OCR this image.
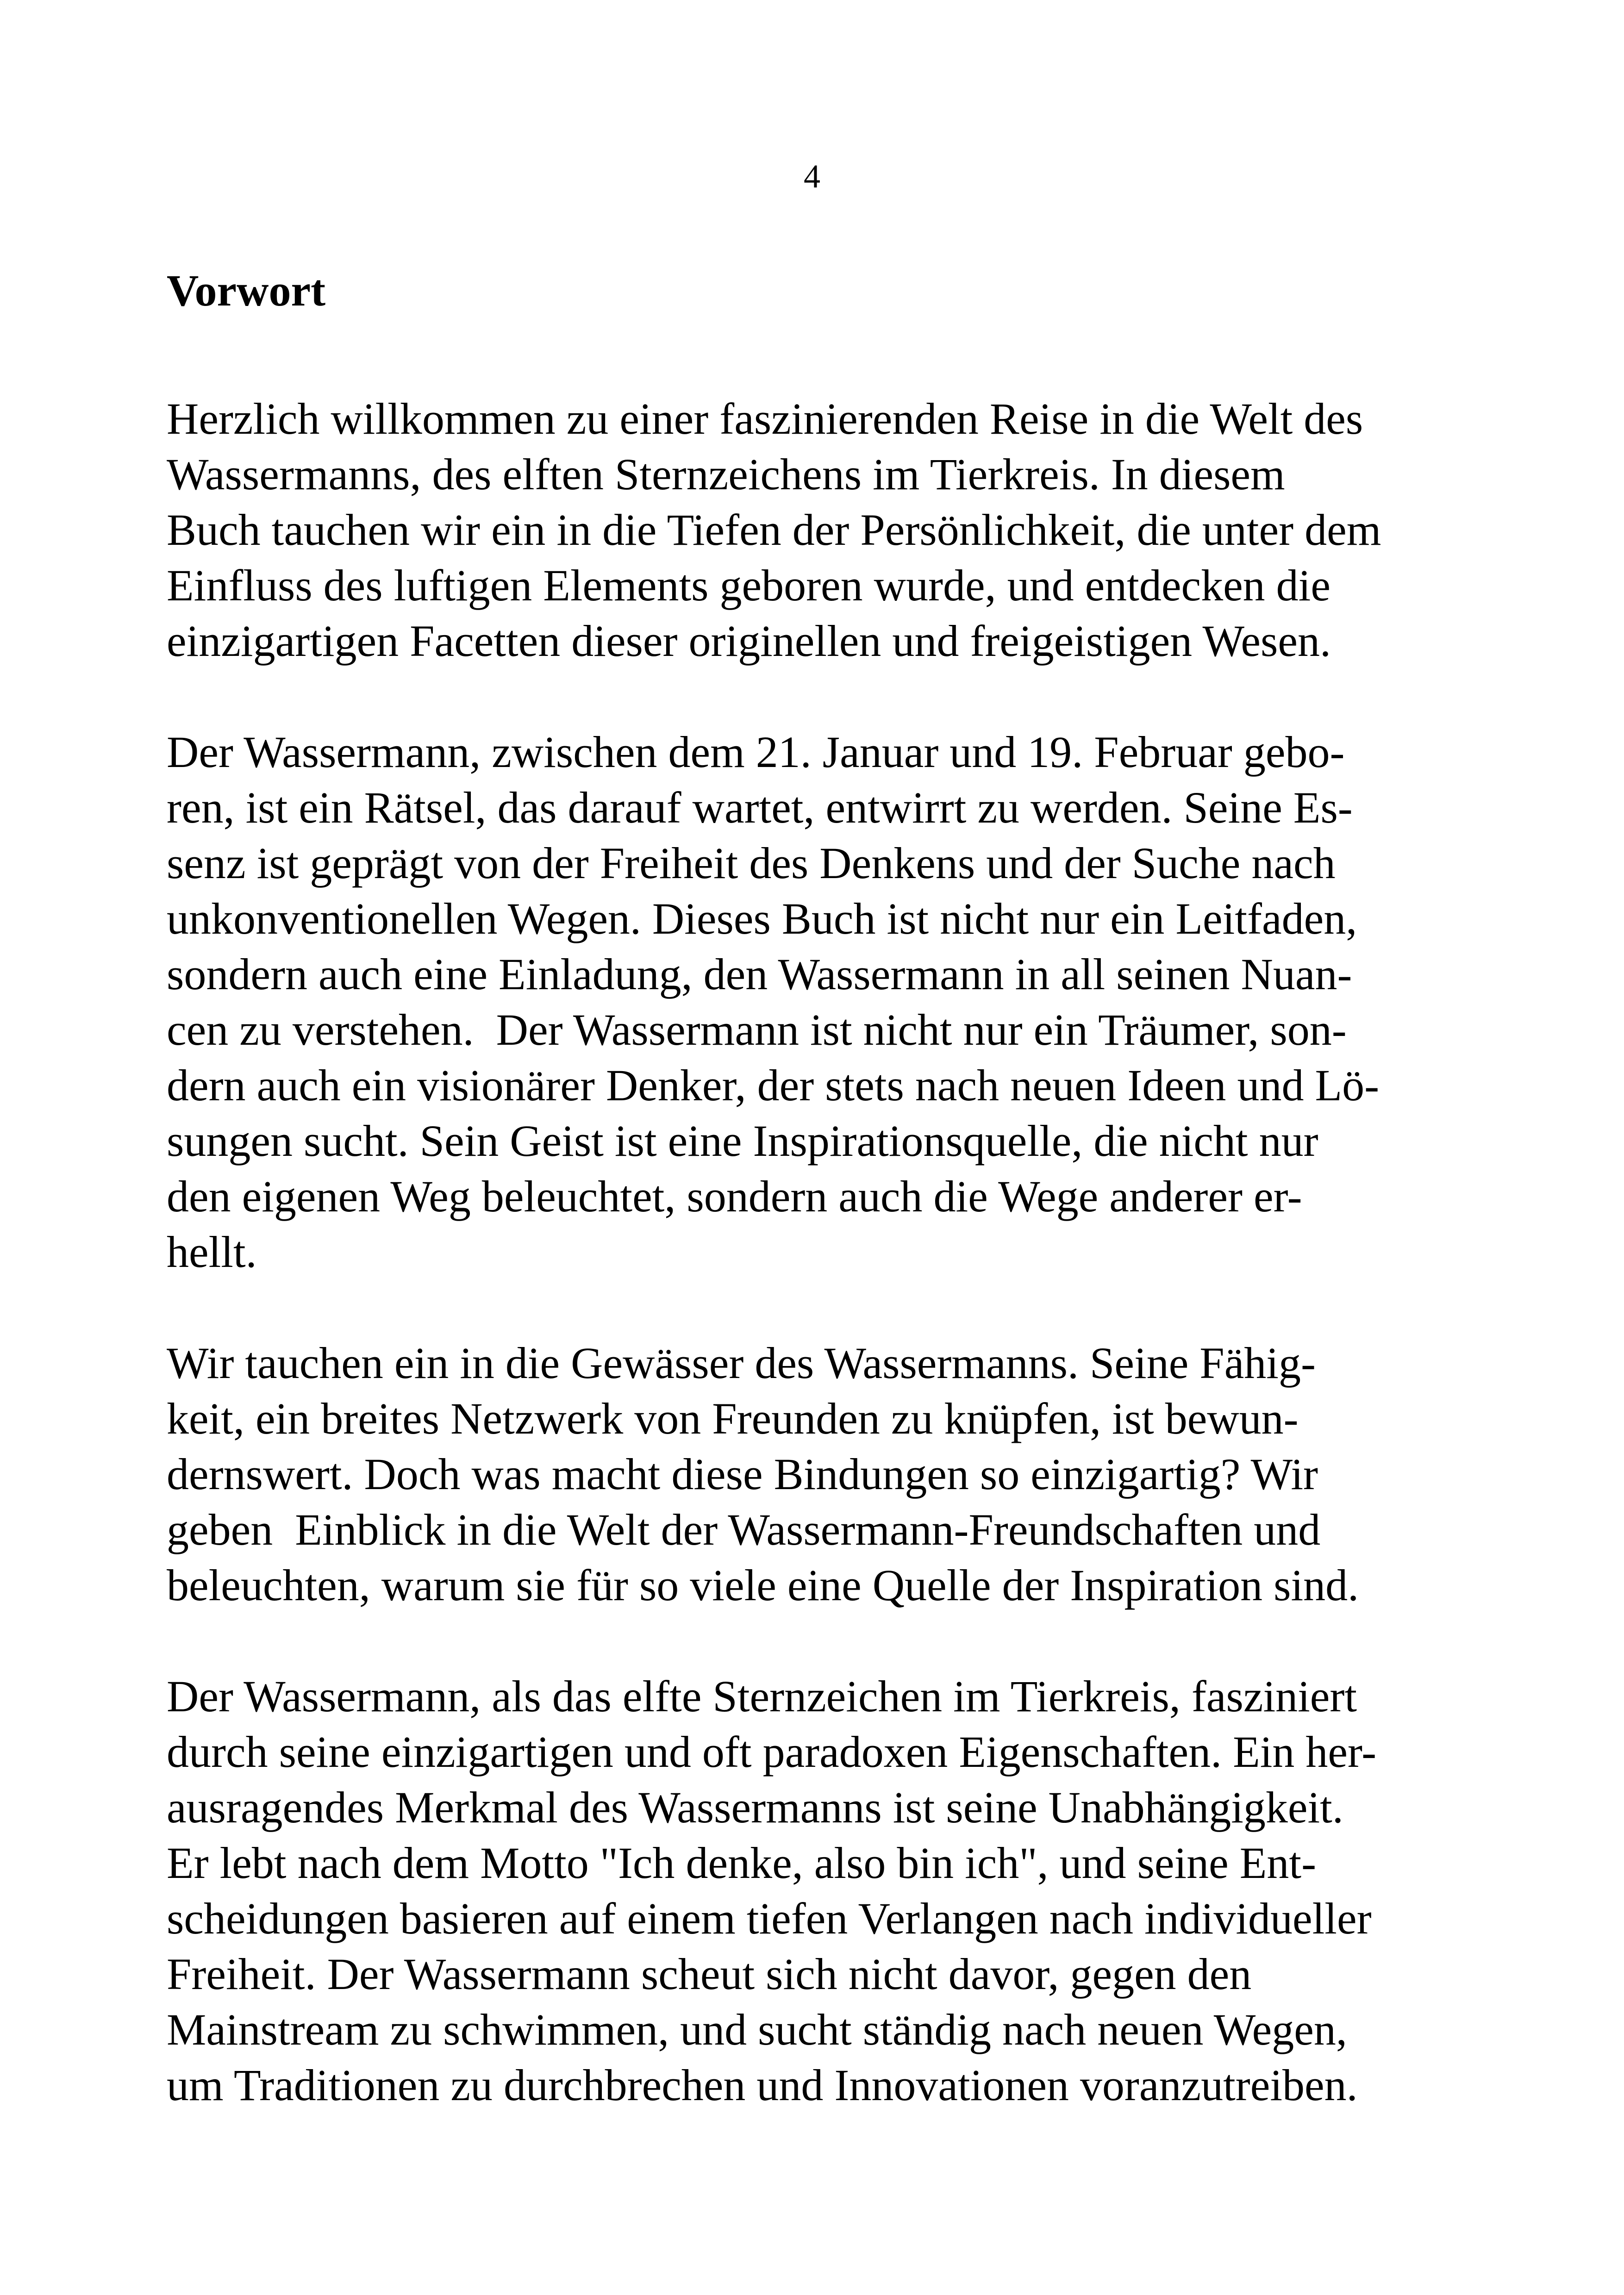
4
Vorwort
Herzlich willkommen zu einer faszinierenden Reise in die Welt des
Wassermanns, des elften Sternzeichens im Tierkreis. In diesem
Buch tauchen wir ein in die Tiefen der Persönlichkeit, die unter dem
Einfluss des luftigen Elements geboren wurde, und entdecken die
einzigartigen Facetten dieser originellen und freigeistigen Wesen.
Der Wassermann, zwischen dem 21. Januar und 19. Februar gebo-
ren, ist ein Rätsel, das darauf wartet, entwirrt zu werden. Seine Es-
senz ist geprägt von der Freiheit des Denkens und der Suche nach
unkonventionellen Wegen. Dieses Buch ist nicht nur ein Leitfaden,
sondern auch eine Einladung, den Wassermann in all seinen Nuan-
cen zu verstehen.  Der Wassermann ist nicht nur ein Träumer, son-
dern auch ein visionärer Denker, der stets nach neuen Ideen und Lö-
sungen sucht. Sein Geist ist eine Inspirationsquelle, die nicht nur
den eigenen Weg beleuchtet, sondern auch die Wege anderer er-
hellt.
Wir tauchen ein in die Gewässer des Wassermanns. Seine Fähig-
keit, ein breites Netzwerk von Freunden zu knüpfen, ist bewun-
dernswert. Doch was macht diese Bindungen so einzigartig? Wir
geben  Einblick in die Welt der Wassermann-Freundschaften und
beleuchten, warum sie für so viele eine Quelle der Inspiration sind.
Der Wassermann, als das elfte Sternzeichen im Tierkreis, fasziniert
durch seine einzigartigen und oft paradoxen Eigenschaften. Ein her-
ausragendes Merkmal des Wassermanns ist seine Unabhängigkeit.
Er lebt nach dem Motto "Ich denke, also bin ich", und seine Ent-
scheidungen basieren auf einem tiefen Verlangen nach individueller
Freiheit. Der Wassermann scheut sich nicht davor, gegen den
Mainstream zu schwimmen, und sucht ständig nach neuen Wegen,
um Traditionen zu durchbrechen und Innovationen voranzutreiben.
